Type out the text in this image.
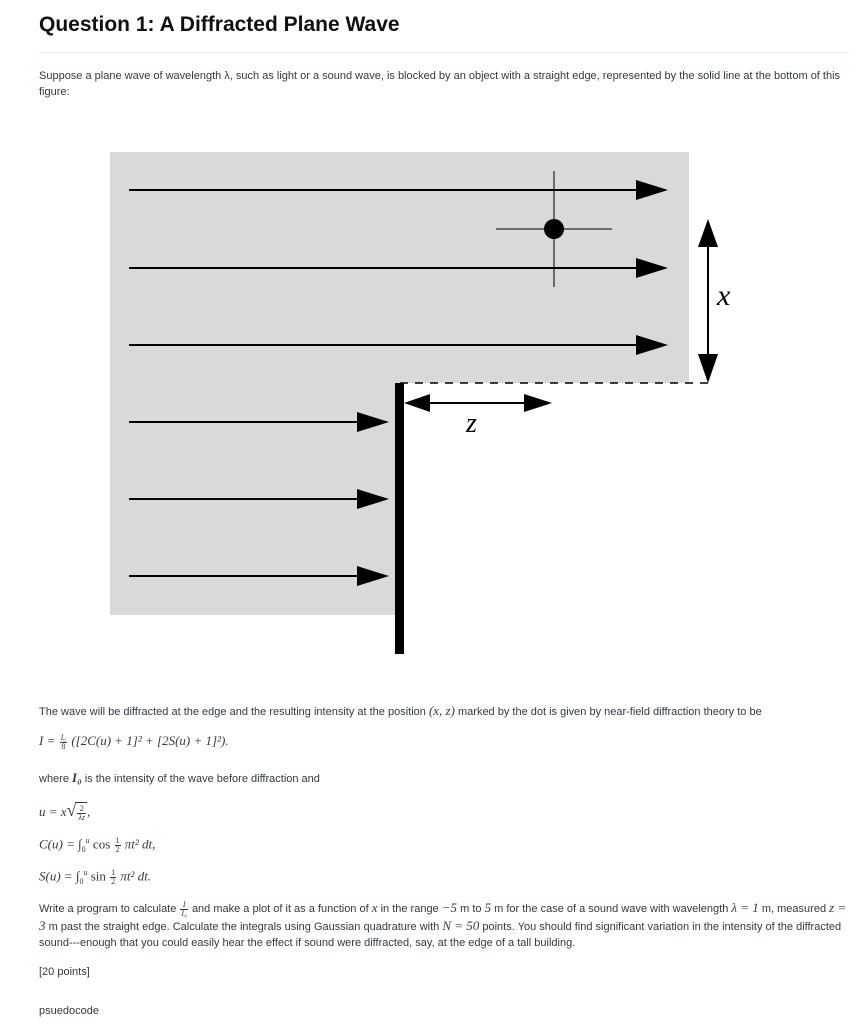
Question 1: A Diffracted Plane Wave

Suppose a plane wave of wavelength λ, such as light or a sound wave, is blocked by an object with a straight edge, represented by the solid line at the bottom of this figure:

x
z

The wave will be diffracted at the edge and the resulting intensity at the position (x, z) marked by the dot is given by near-field diffraction theory to be

$I = \frac{\text{I₀}}{8} ([2C(u) + 1]^2 + [2S(u) + 1]^2)$.

where I₀ is the intensity of the wave before diffraction and

$u = x√ \frac{2}{\lambda z}$ ,
$C(u) = \int_0^u$ $\cos \frac{1}{2} \pi t^2$ dt,
$S(u) = \int_0^u$ $\sin \frac{1}{2} \pi t^2$ dt.

Write a program to calculate $\frac{I}{\text{I₀}}$ and make a plot of it as a function of x in the range −5 m to 5 m for the case of a sound wave with wavelength λ = 1 m, measured z = 3 m past the straight edge. Calculate the integrals using Gaussian quadrature with N = 50 points. You should find significant variation in the intensity of the diffracted sound---enough that you could easily hear the effect if sound were diffracted, say, at the edge of a tall building.

[20 points]

psuedocode
